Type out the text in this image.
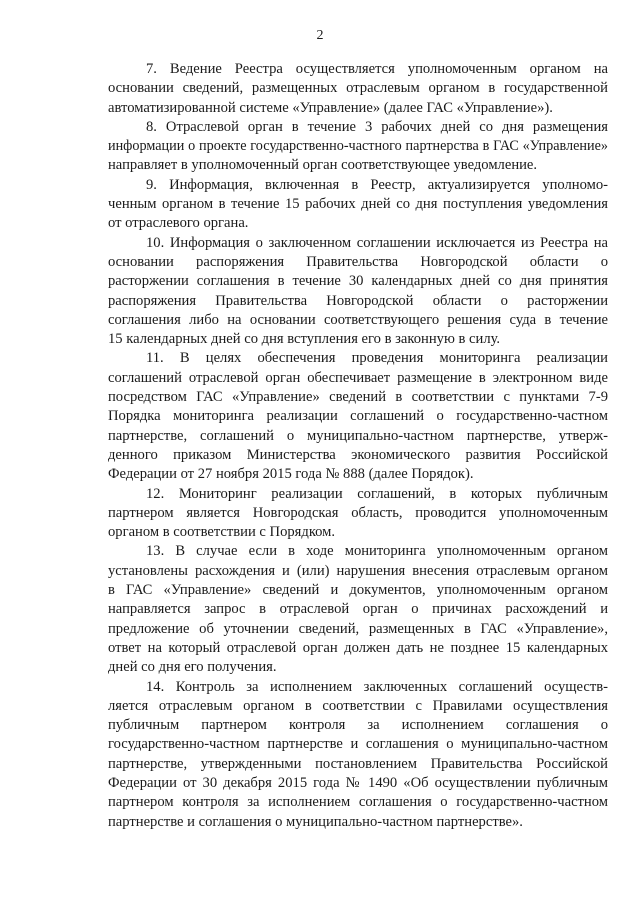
2
7. Ведение Реестра осуществляется уполномоченным органом на
основании сведений, размещенных отраслевым органом в государственной
автоматизированной системе «Управление» (далее ГАС «Управление»).
8. Отраслевой орган в течение 3 рабочих дней со дня размещения
информации о проекте государственно-частного партнерства в ГАС «Управление»
направляет в уполномоченный орган соответствующее уведомление.
9. Информация, включенная в Реестр, актуализируется уполномо-
ченным органом в течение 15 рабочих дней со дня поступления уведомления
от отраслевого органа.
10. Информация о заключенном соглашении исключается из Реестра на
основании распоряжения Правительства Новгородской области о
расторжении соглашения в течение 30 календарных дней со дня принятия
распоряжения Правительства Новгородской области о расторжении
соглашения либо на основании соответствующего решения суда в течение
15 календарных дней со дня вступления его в законную в силу.
11. В целях обеспечения проведения мониторинга реализации
соглашений отраслевой орган обеспечивает размещение в электронном виде
посредством ГАС «Управление» сведений в соответствии с пунктами 7-9
Порядка мониторинга реализации соглашений о государственно-частном
партнерстве, соглашений о муниципально-частном партнерстве, утверж-
денного приказом Министерства экономического развития Российской
Федерации от 27 ноября 2015 года № 888 (далее Порядок).
12. Мониторинг реализации соглашений, в которых публичным
партнером является Новгородская область, проводится уполномоченным
органом в соответствии с Порядком.
13. В случае если в ходе мониторинга уполномоченным органом
установлены расхождения и (или) нарушения внесения отраслевым органом
в ГАС «Управление» сведений и документов, уполномоченным органом
направляется запрос в отраслевой орган о причинах расхождений и
предложение об уточнении сведений, размещенных в ГАС «Управление»,
ответ на который отраслевой орган должен дать не позднее 15 календарных
дней со дня его получения.
14. Контроль за исполнением заключенных соглашений осуществ-
ляется отраслевым органом в соответствии с Правилами осуществления
публичным партнером контроля за исполнением соглашения о
государственно-частном партнерстве и соглашения о муниципально-частном
партнерстве, утвержденными постановлением Правительства Российской
Федерации от 30 декабря 2015 года № 1490 «Об осуществлении публичным
партнером контроля за исполнением соглашения о государственно-частном
партнерстве и соглашения о муниципально-частном партнерстве».
